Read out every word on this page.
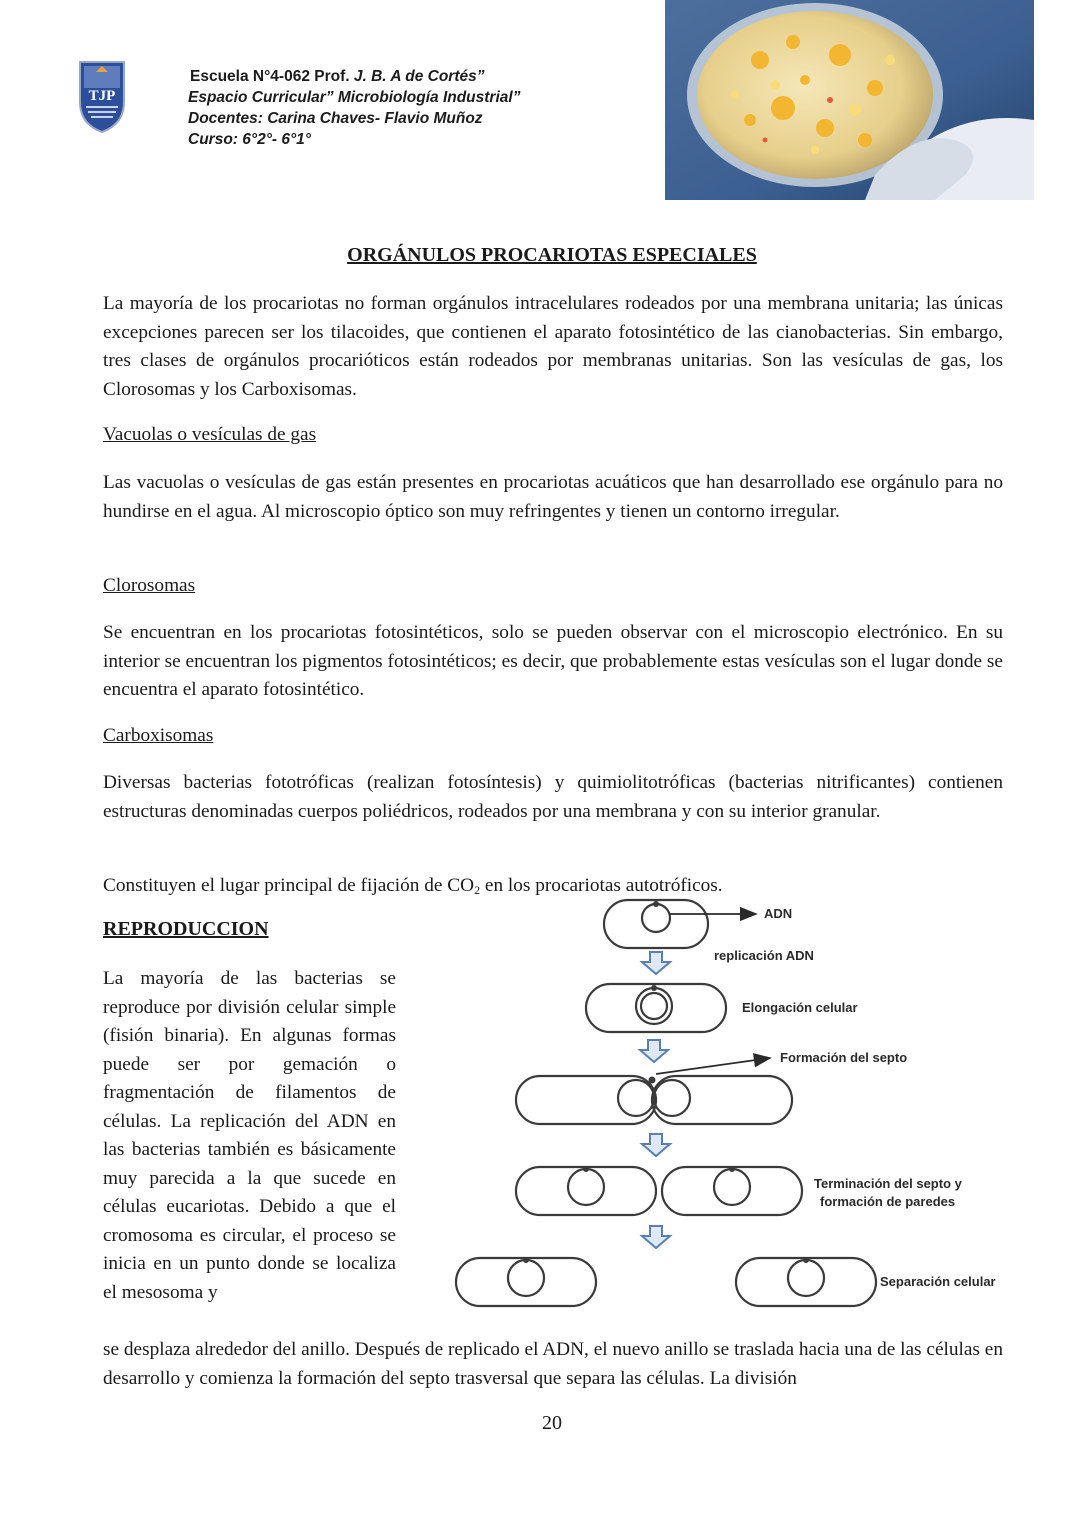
TJP
Escuela N°4-062 Prof. J. B. A de Cortés”
Espacio Curricular” Microbiología Industrial”
Docentes: Carina Chaves- Flavio Muñoz
Curso: 6°2°- 6°1°
ORGÁNULOS PROCARIOTAS ESPECIALES
La mayoría de los procariotas no forman orgánulos intracelulares rodeados por una membrana unitaria; las únicas excepciones parecen ser los tilacoides, que contienen el aparato fotosintético de las cianobacterias. Sin embargo, tres clases de orgánulos procarióticos están rodeados por membranas unitarias. Son las vesículas de gas, los Clorosomas y los Carboxisomas.
Vacuolas o vesículas de gas
Las vacuolas o vesículas de gas están presentes en procariotas acuáticos que han desarrollado ese orgánulo para no hundirse en el agua. Al microscopio óptico son muy refringentes y tienen un contorno irregular.
Clorosomas
Se encuentran en los procariotas fotosintéticos, solo se pueden observar con el microscopio electrónico. En su interior se encuentran los pigmentos fotosintéticos; es decir, que probablemente estas vesículas son el lugar donde se encuentra el aparato fotosintético.
Carboxisomas
Diversas bacterias fototróficas (realizan fotosíntesis) y quimiolitotróficas (bacterias nitrificantes) contienen estructuras denominadas cuerpos poliédricos, rodeados por una membrana y con su interior granular.
Constituyen el lugar principal de fijación de $CO_2$ en los procariotas autotróficos.
REPRODUCCION
La mayoría de las bacterias se reproduce por división celular simple (fisión binaria). En algunas formas puede ser por gemación o fragmentación de filamentos de células. La replicación del ADN en las bacterias también es básicamente muy parecida a la que sucede en células eucariotas. Debido a que el cromosoma es circular, el proceso se inicia en un punto donde se localiza el mesosoma y
se desplaza alrededor del anillo. Después de replicado el ADN, el nuevo anillo se traslada hacia una de las células en desarrollo y comienza la formación del septo trasversal que separa las células. La división
ADN
replicación ADN
Elongación celular
Formación del septo
Terminación del septo y
formación de paredes
Separación celular
20
